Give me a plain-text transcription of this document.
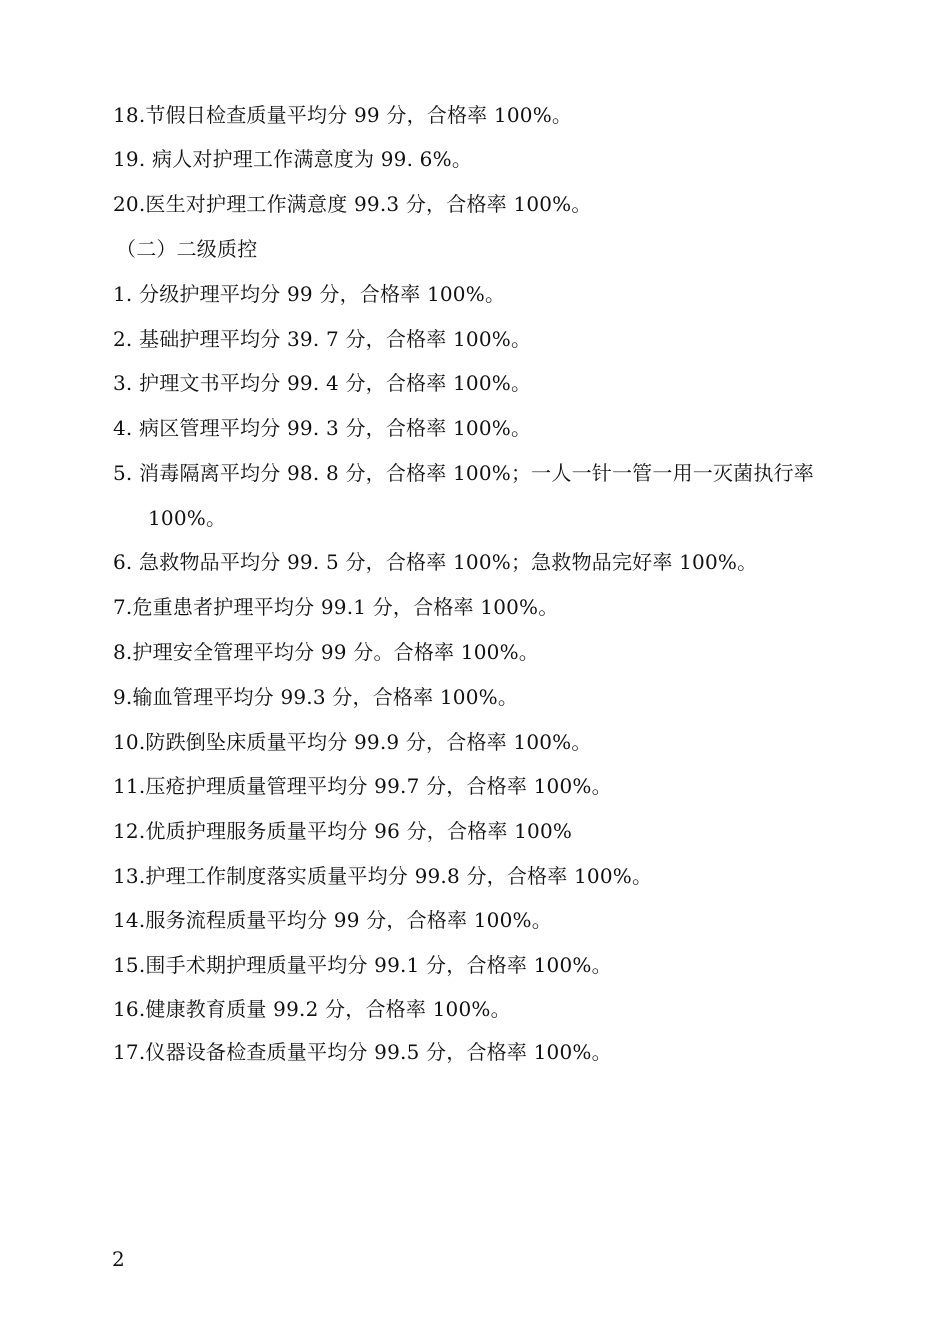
18.节假日检查质量平均分 99 分，合格率 100%。
19. 病人对护理工作满意度为 99. 6%。
20.医生对护理工作满意度 99.3 分，合格率 100%。
（二）二级质控
1. 分级护理平均分 99 分，合格率 100%。
2. 基础护理平均分 39. 7 分，合格率 100%。
3. 护理文书平均分 99. 4 分，合格率 100%。
4. 病区管理平均分 99. 3 分，合格率 100%。
5. 消毒隔离平均分 98. 8 分，合格率 100%；一人一针一管一用一灭菌执行率
100%。
6. 急救物品平均分 99. 5 分，合格率 100%；急救物品完好率 100%。
7.危重患者护理平均分 99.1 分，合格率 100%。
8.护理安全管理平均分 99 分。合格率 100%。
9.输血管理平均分 99.3 分，合格率 100%。
10.防跌倒坠床质量平均分 99.9 分，合格率 100%。
11.压疮护理质量管理平均分 99.7 分，合格率 100%。
12.优质护理服务质量平均分 96 分，合格率 100%
13.护理工作制度落实质量平均分 99.8 分，合格率 100%。
14.服务流程质量平均分 99 分，合格率 100%。
15.围手术期护理质量平均分 99.1 分，合格率 100%。
16.健康教育质量 99.2 分，合格率 100%。
17.仪器设备检查质量平均分 99.5 分，合格率 100%。
2
